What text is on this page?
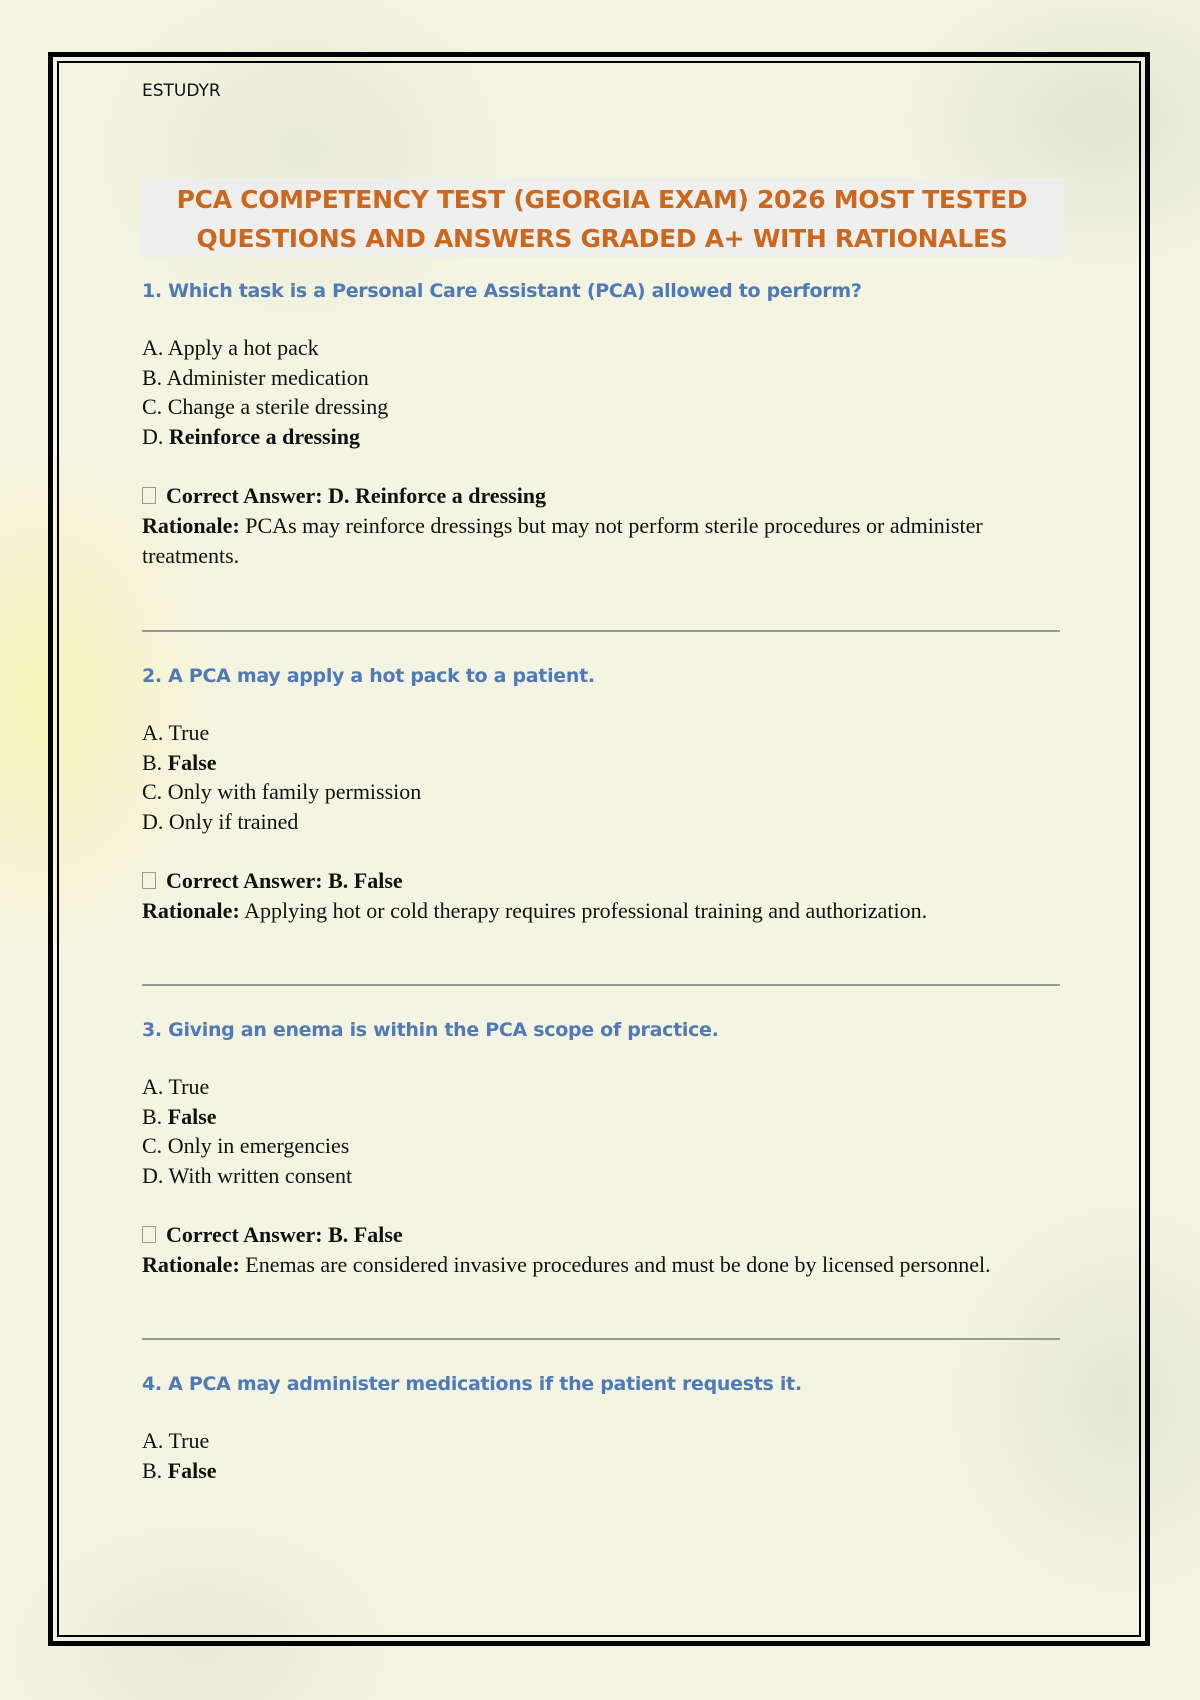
ESTUDYR
PCA COMPETENCY TEST (GEORGIA EXAM) 2026 MOST TESTED
QUESTIONS AND ANSWERS GRADED A+ WITH RATIONALES

1. Which task is a Personal Care Assistant (PCA) allowed to perform?

A. Apply a hot pack
B. Administer medication
C. Change a sterile dressing
D. Reinforce a dressing
Correct Answer: D. Reinforce a dressing
Rationale: PCAs may reinforce dressings but may not perform sterile procedures or administer treatments.

2. A PCA may apply a hot pack to a patient.

A. True
B. False
C. Only with family permission
D. Only if trained
Correct Answer: B. False
Rationale: Applying hot or cold therapy requires professional training and authorization.

3. Giving an enema is within the PCA scope of practice.

A. True
B. False
C. Only in emergencies
D. With written consent
Correct Answer: B. False
Rationale: Enemas are considered invasive procedures and must be done by licensed personnel.

4. A PCA may administer medications if the patient requests it.

A. True
B. False
